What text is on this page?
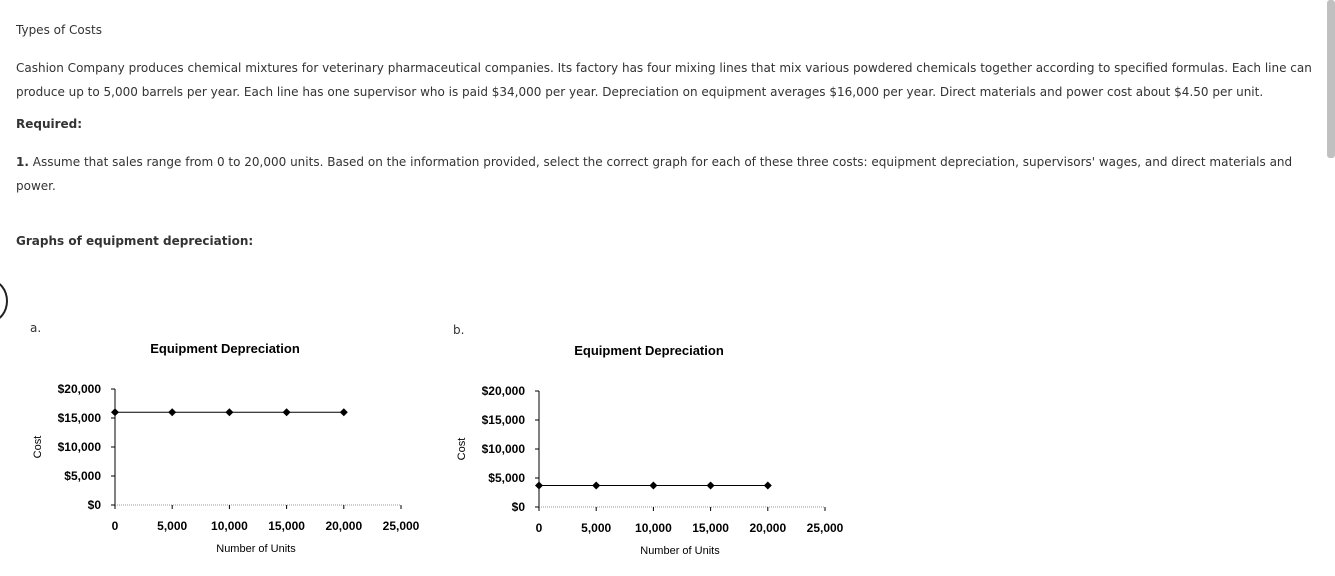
Types of Costs
Cashion Company produces chemical mixtures for veterinary pharmaceutical companies. Its factory has four mixing lines that mix various powdered chemicals together according to specified formulas. Each line can produce up to 5,000 barrels per year. Each line has one supervisor who is paid $34,000 per year. Depreciation on equipment averages $16,000 per year. Direct materials and power cost about $4.50 per unit.
Required:
1. Assume that sales range from 0 to 20,000 units. Based on the information provided, select the correct graph for each of these three costs: equipment depreciation, supervisors' wages, and direct materials and power.
Graphs of equipment depreciation:
a.	b.
Equipment Depreciation
$0
$5,000
$10,000
$15,000
$20,000
0	5,000 10,000 15,000 20,000 25,000
Number of Units
Cost
Equipment Depreciation
$0
$5,000
$10,000
$15,000
$20,000
0	5,000 10,000 15,000 20,000 25,000
Number of Units
Cost
